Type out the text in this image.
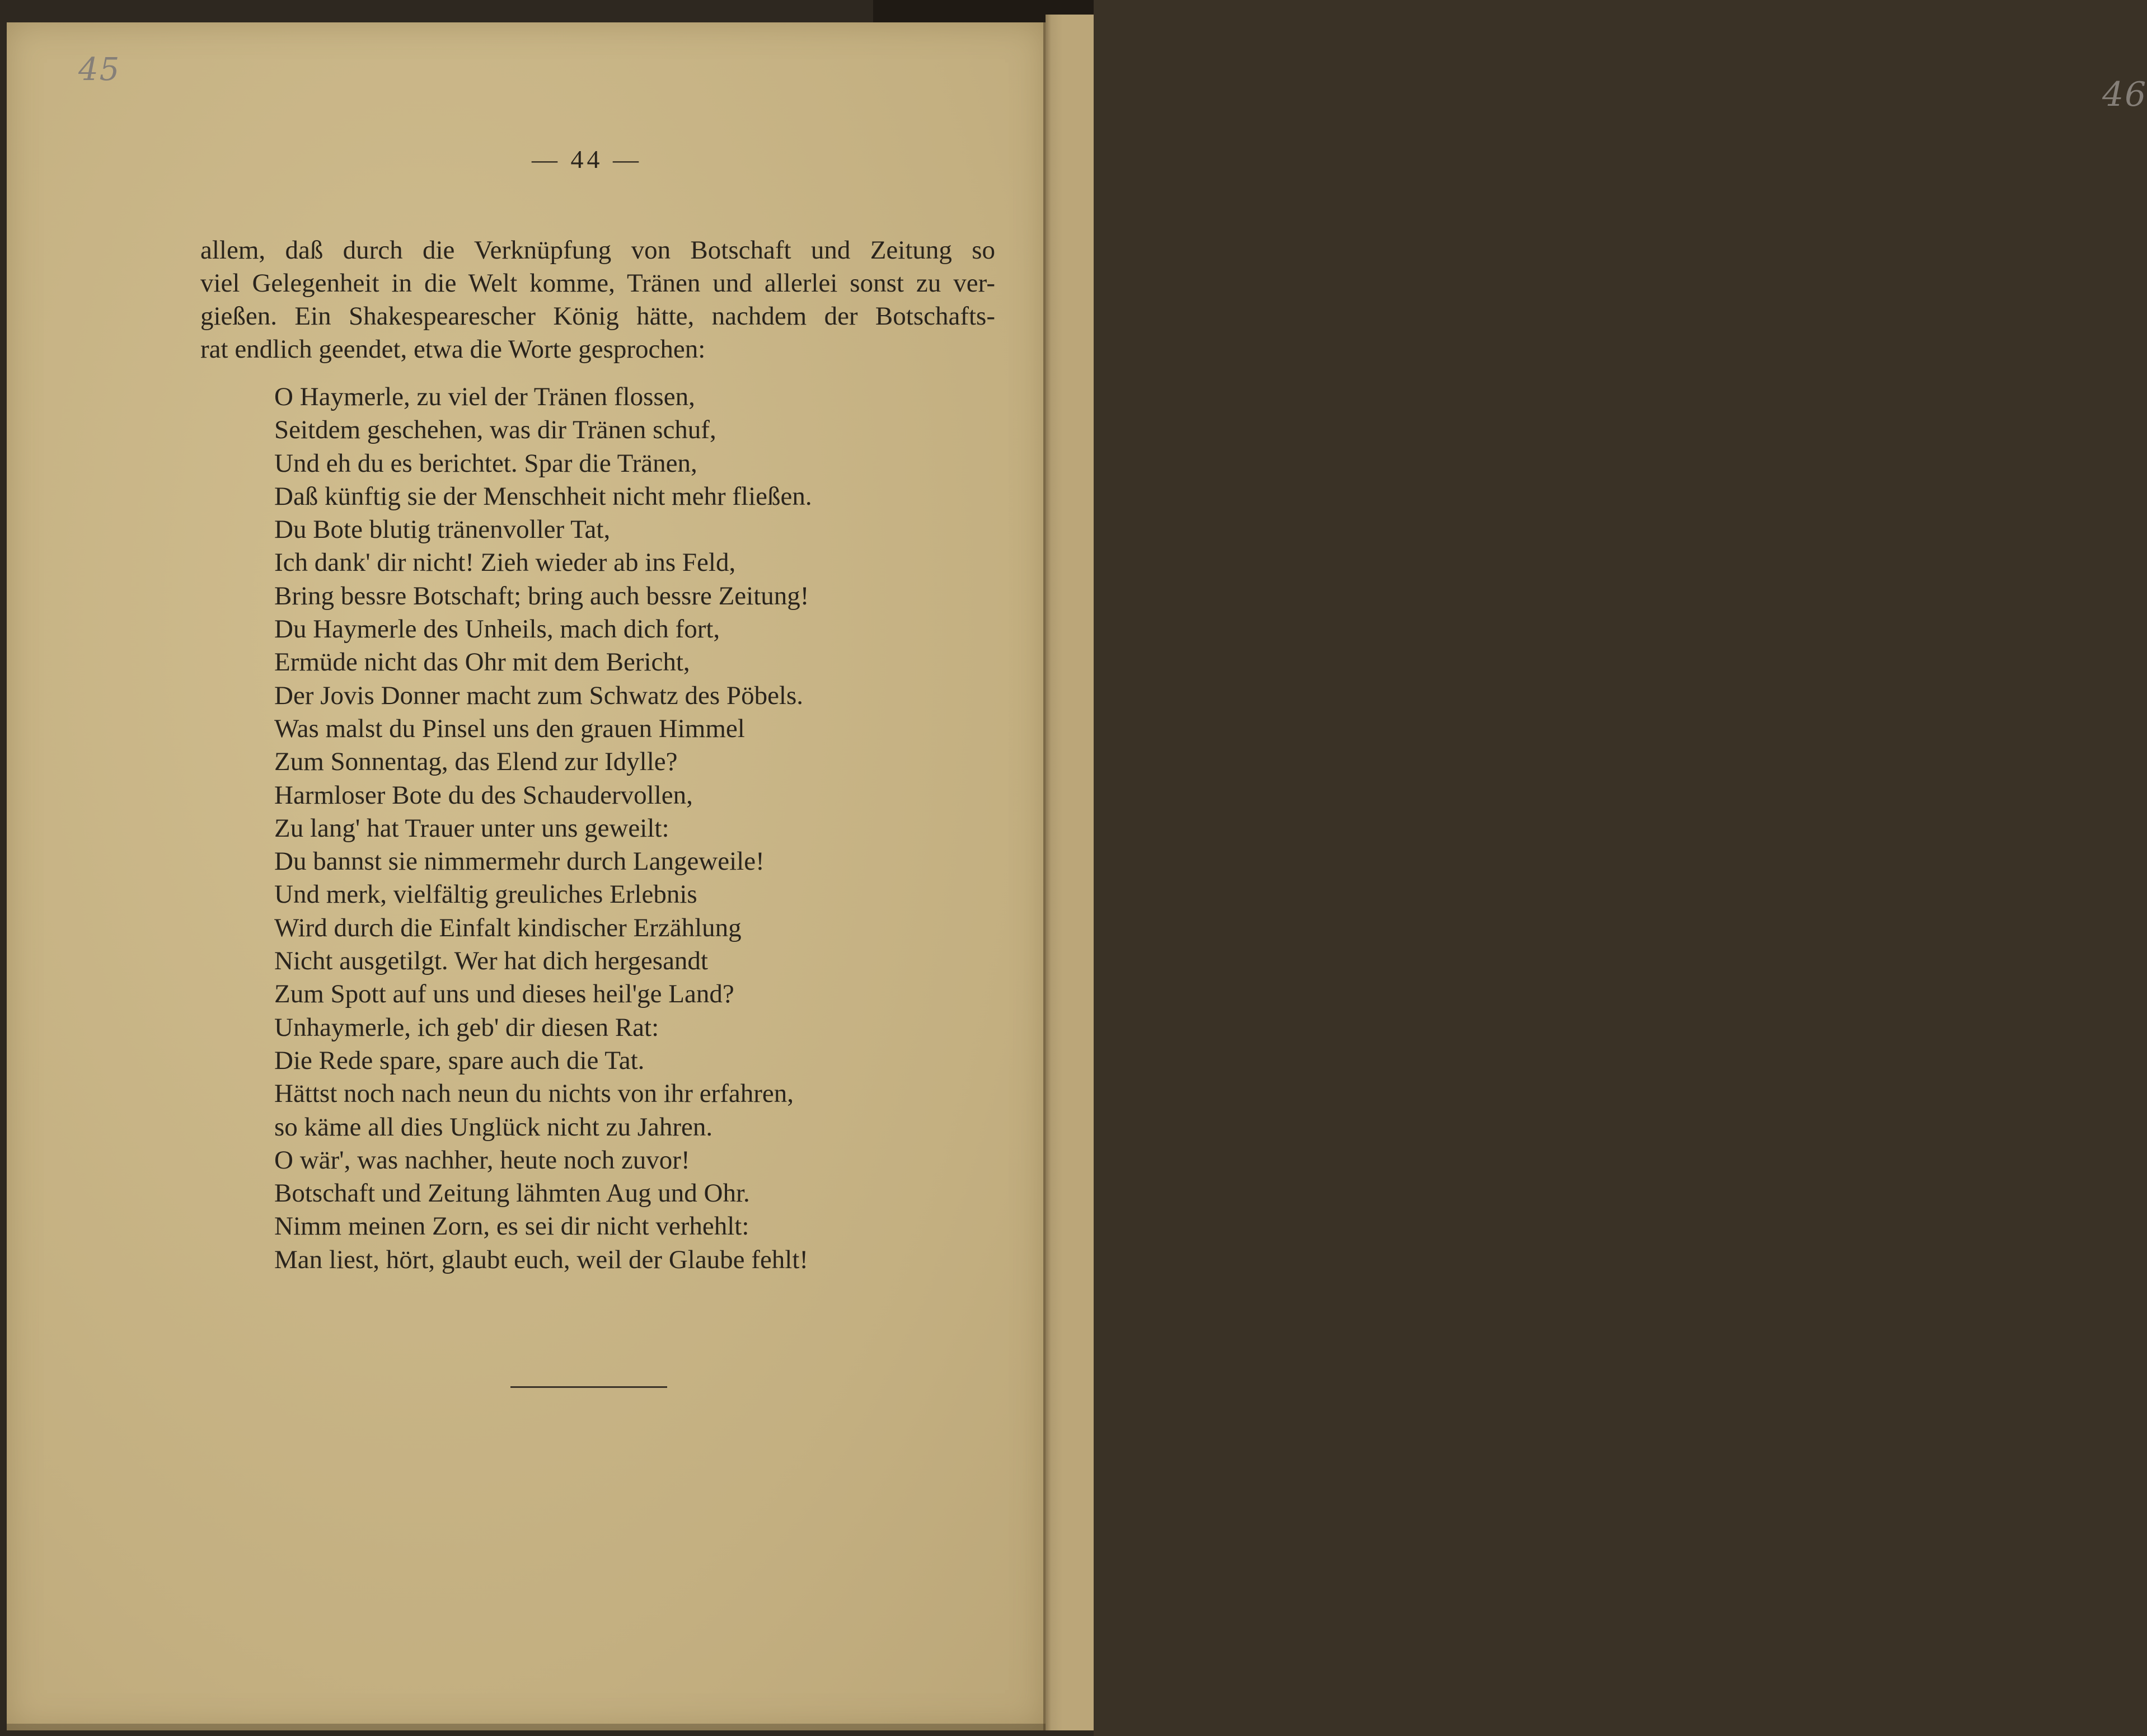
46
45
— 44 —
allem, daß durch die Verknüpfung von Botschaft und Zeitung so
viel Gelegenheit in die Welt komme, Tränen und allerlei sonst zu ver-
gießen. Ein Shakespearescher König hätte, nachdem der Botschafts-
rat endlich geendet, etwa die Worte gesprochen:
O Haymerle, zu viel der Tränen flossen,
Seitdem geschehen, was dir Tränen schuf,
Und eh du es berichtet. Spar die Tränen,
Daß künftig sie der Menschheit nicht mehr fließen.
Du Bote blutig tränenvoller Tat,
Ich dank' dir nicht! Zieh wieder ab ins Feld,
Bring bessre Botschaft; bring auch bessre Zeitung!
Du Haymerle des Unheils, mach dich fort,
Ermüde nicht das Ohr mit dem Bericht,
Der Jovis Donner macht zum Schwatz des Pöbels.
Was malst du Pinsel uns den grauen Himmel
Zum Sonnentag, das Elend zur Idylle?
Harmloser Bote du des Schaudervollen,
Zu lang' hat Trauer unter uns geweilt:
Du bannst sie nimmermehr durch Langeweile!
Und merk, vielfältig greuliches Erlebnis
Wird durch die Einfalt kindischer Erzählung
Nicht ausgetilgt. Wer hat dich hergesandt
Zum Spott auf uns und dieses heil'ge Land?
Unhaymerle, ich geb' dir diesen Rat:
Die Rede spare, spare auch die Tat.
Hättst noch nach neun du nichts von ihr erfahren,
so käme all dies Unglück nicht zu Jahren.
O wär', was nachher, heute noch zuvor!
Botschaft und Zeitung lähmten Aug und Ohr.
Nimm meinen Zorn, es sei dir nicht verhehlt:
Man liest, hört, glaubt euch, weil der Glaube fehlt!
